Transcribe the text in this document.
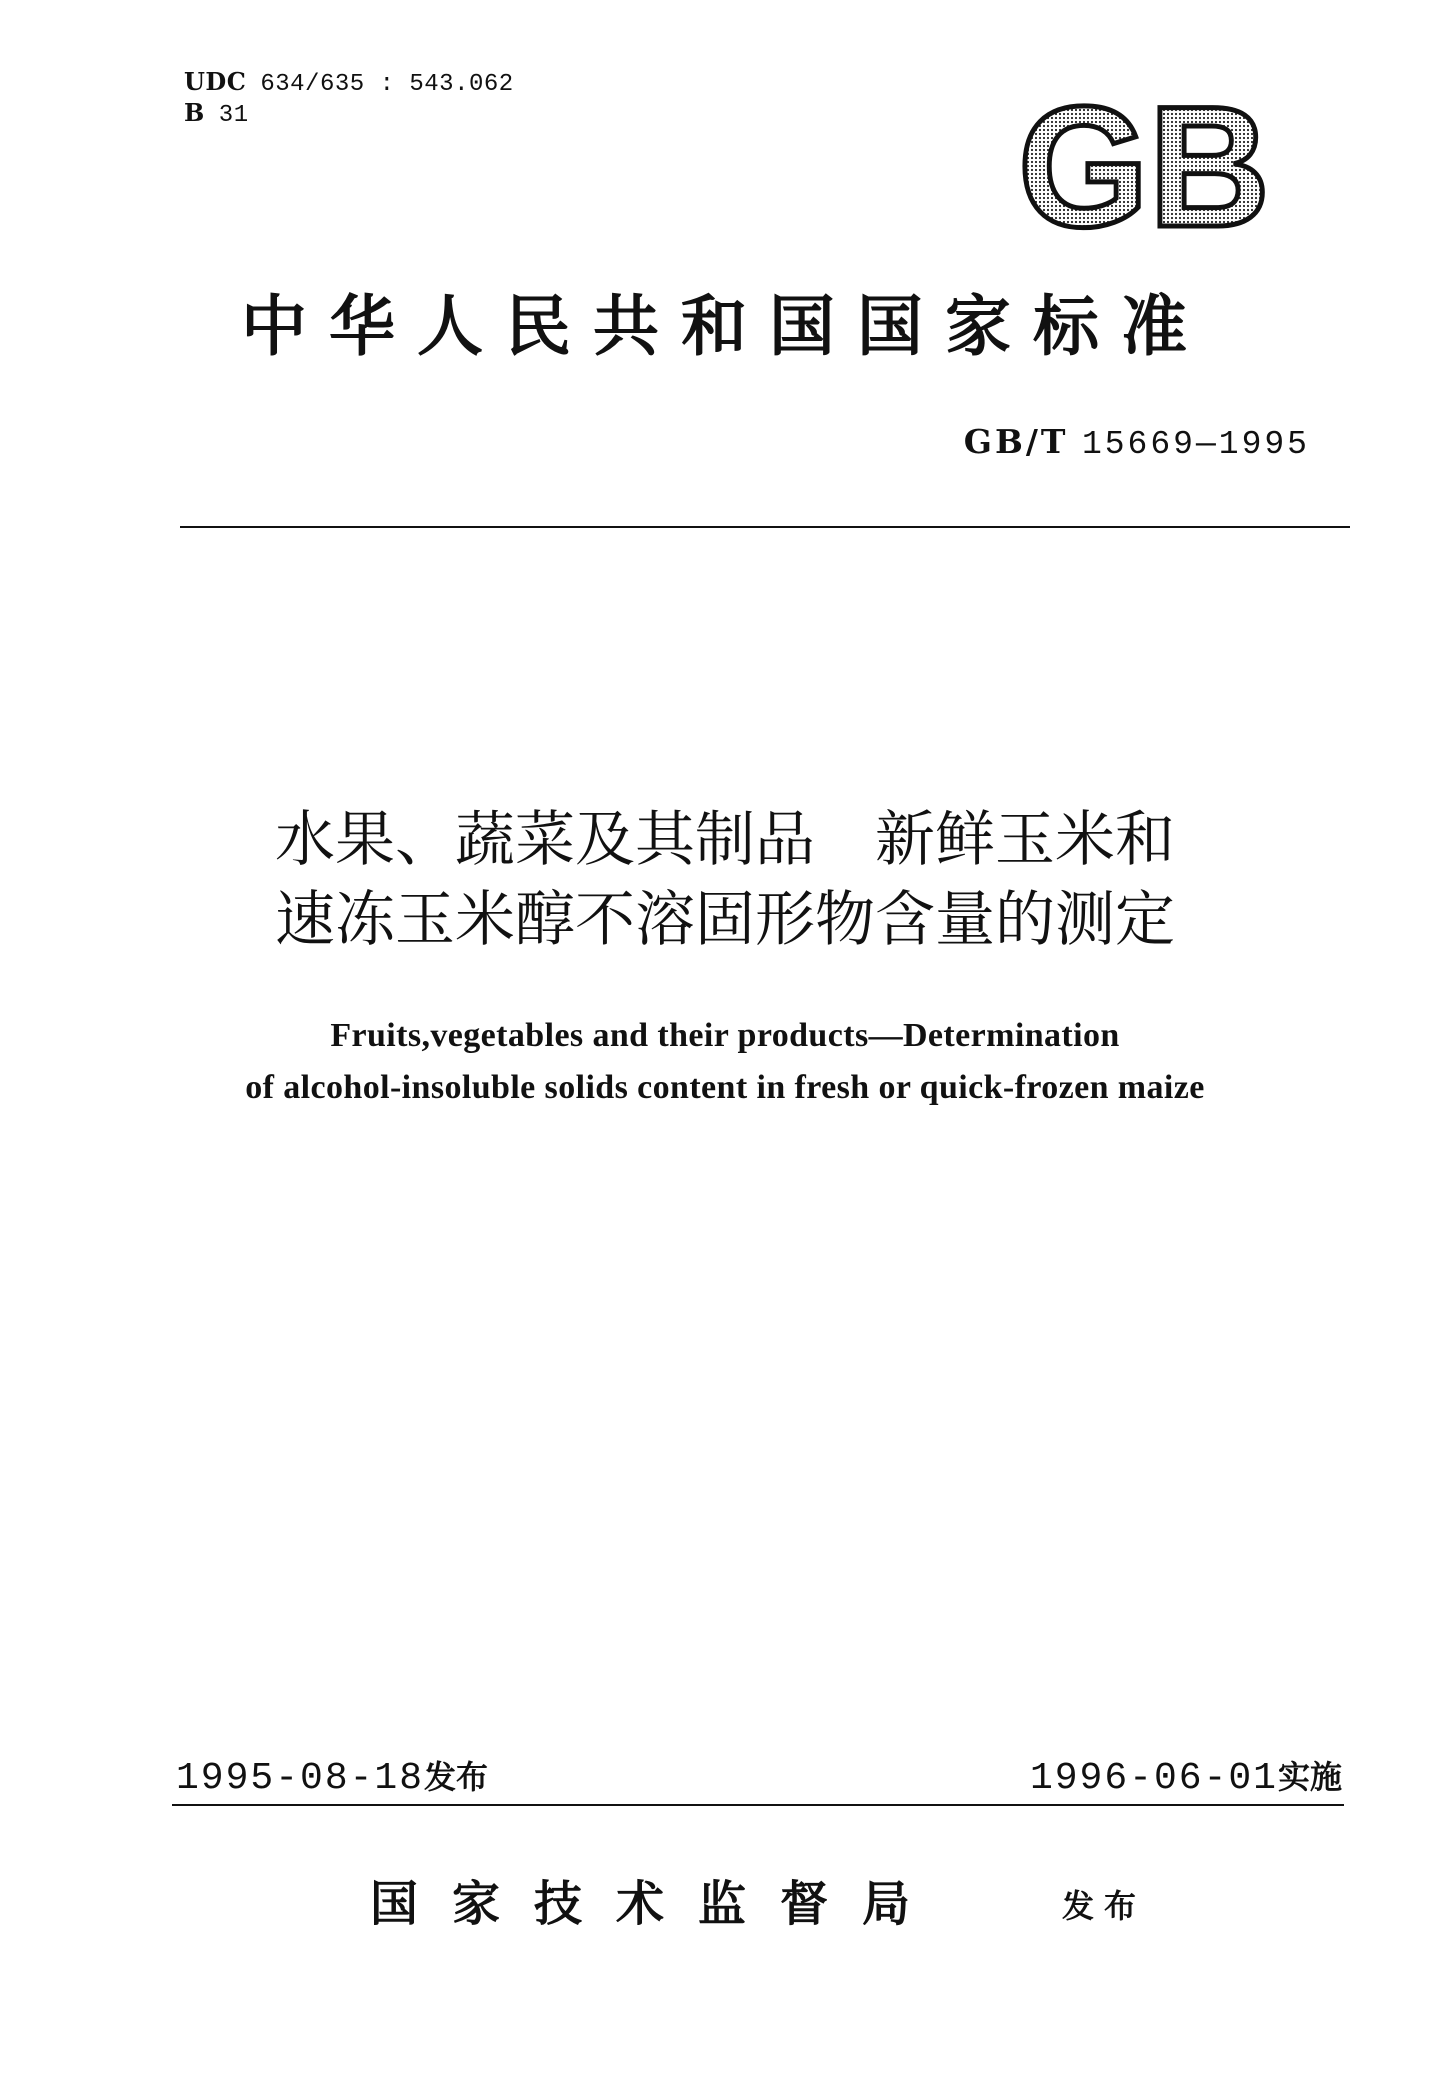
UDC 634/635 : 543.062
B 31	GB
中华人民共和国国家标准
GB/T 15669—1995
水果、蔬菜及其制品　新鲜玉米和
速冻玉米醇不溶固形物含量的测定
Fruits,vegetables and their products—Determination
of alcohol-insoluble solids content in fresh or quick-frozen maize
1995-08-18发布	1996-06-01实施
国家技术监督局	发布
